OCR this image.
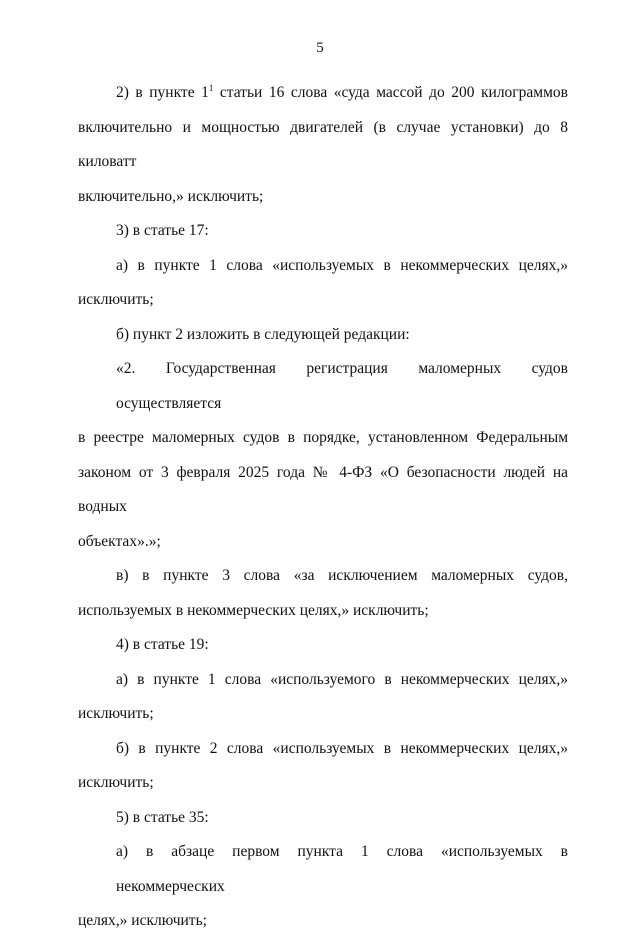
5
2) в пункте $1^1$ статьи 16 слова «суда массой до 200 килограммов
включительно и мощностью двигателей (в случае установки) до 8 киловатт
включительно,» исключить;
3) в статье 17:
а) в пункте 1 слова «используемых в некоммерческих целях,»
исключить;
б) пункт 2 изложить в следующей редакции:
«2. Государственная регистрация маломерных судов осуществляется
в реестре маломерных судов в порядке, установленном Федеральным
законом от 3 февраля 2025 года № 4-ФЗ «О безопасности людей на водных
объектах».»;
в) в пункте 3 слова «за исключением маломерных судов,
используемых в некоммерческих целях,» исключить;
4) в статье 19:
а) в пункте 1 слова «используемого в некоммерческих целях,»
исключить;
б) в пункте 2 слова «используемых в некоммерческих целях,»
исключить;
5) в статье 35:
а) в абзаце первом пункта 1 слова «используемых в некоммерческих
целях,» исключить;
